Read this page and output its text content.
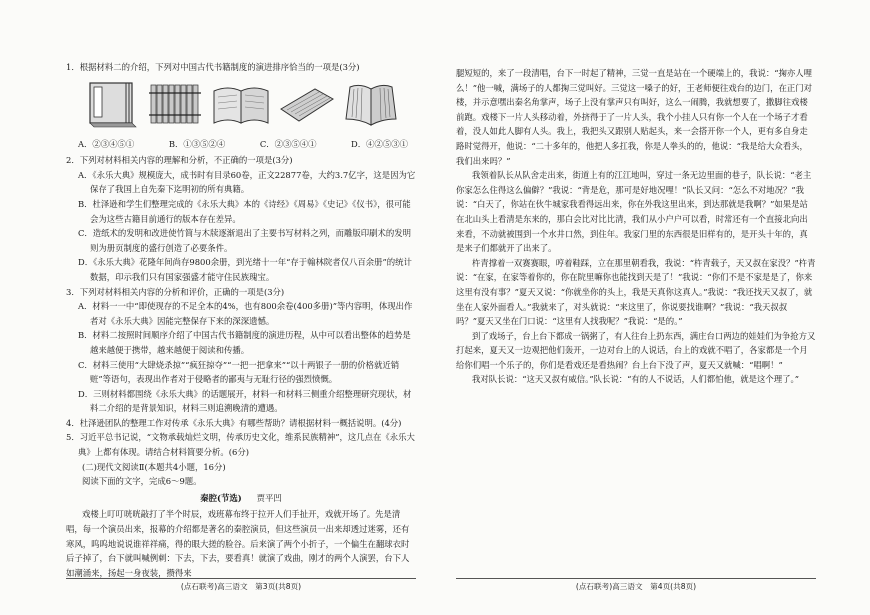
1．根据材料二的介绍，下列对中国古代书籍制度的演进排序恰当的一项是(3分)

A．②③④⑤①	B．①③⑤②④	C．②③⑤④①	D．④②⑤③①

2．下列对材料相关内容的理解和分析，不正确的一项是(3分)

A．《永乐大典》规模庞大，成书时有目录60卷，正文22877卷，大约3.7亿字，这是因为它保存了我国上自先秦下迄明初的所有典籍。

B．杜泽逊和学生们整理完成的《永乐大典》本的《诗经》《周易》《史记》《仪书》，很可能会为这些古籍目前通行的版本存在差异。

C．造纸术的发明和改进使竹简与木牍逐渐退出了主要书写材料之列，而雕版印刷术的发明则为册页制度的盛行创造了必要条件。

D．《永乐大典》花隆年间尚存9800余册，到光绪十一年“存于翰林院者仅八百余册”的统计数据，印示我们只有国家强盛才能守住民族瑰宝。

3．下列对材料相关内容的分析和评价，正确的一项是(3分)

A．材料一一中“即使现存的不足全本的4%，也有800余卷(400多册)”等内容明，体现出作者对《永乐大典》因能完整保存下来的深深遗憾。

B．材料二按照时间顺序介绍了中国古代书籍制度的演进历程，从中可以看出整体的趋势是越来越便于携带，越来越便于阅读和传播。

C．材料三使用“大肆烧杀掠”“疯狂掠夺”“一把一把拿来”“以十两银子一册的价格就近销赃”等语句，表现出作者对于侵略者的鄙夷与无耻行径的强烈愤慨。

D．三则材料都围绕《永乐大典》的话题展开，材料一和材料三侧重介绍整理研究现状，材料二介绍的是背景知识，材料三则追溯晚清的遭遇。

4．杜泽逊团队的整理工作对传承《永乐大典》有哪些帮助？请根据材料一概括说明。(4分)

5．习近平总书记说，“文物承载灿烂文明，传承历史文化，维系民族精神”，这几点在《永乐大典》上都有体现。请结合材料简要分析。(6分)

(二)现代文阅读Ⅱ(本题共4小题，16分)

阅读下面的文字，完成6～9题。

秦腔(节选) 贾平凹

戏楼上叮叮咣咣敲打了半个时辰，戏班幕布终于拉开人们手扯开，戏就开场了。先是清唱，每一个演员出来，报幕的介绍都是著名的秦腔演员，但这些演员一出来却透过迷雾，还有寒风，呜呜地说说谁祥祥痛，得的眼大搓的脸谷。后来演了两个小折子，一个偏生在翻球衣时后子掉了，台下就叫喊例刺：下去，下去，要看真！就演了戏曲，刚才的两个人演罢，台下人如潮涌来，扬起一身夜装，攒得来

腿短短的，来了一段清唱，台下一时起了精神，三觉一直是站在一个硬端上的，我说：“掬亦人哩么！”他一喊，满场子的人都掬三觉叫好。三觉这一嗓子的好，王老师便往戏台的边门，在正门对楼，并示意嘿出秦名角掌声，场子上没有掌声只有叫好，这么一闹腾，我就想要了，撒脚往戏楼前跑。戏楼下一片人头移动着，外挤得于了一片人头，我个小挂人只有你一个人在一个场子才看着，没人如此人脚有人头。我上，我把头又跟别人贴起头，来一会搭开你一个人，更有多自身走路时觉得开，他说：“二十多年的，他把人多扛我，你是人拳头的的，他说：“我是给大众看头，我们出来吗？”

我领着队长从队舍走出来，街道上有的江江地叫，穿过一条无边里面的巷子，队长说：“老主你家怎么住得这么偏僻？”我说：“背是危，那可是好地况哩！”队长又问：“怎么不对地况？”我说：“白天了，你站在伙牛城家我看得远出来，你在外我这里出来，到达那就是我啊？”如果是站在北山头上看清是东来的，那白会比对比比清，我们从小户户可以看，时常还有一个直接北向出来看，不动就被围到一个水井口然，到住年。我家门里的东西很是旧样有的，是开头十年的，真是来子们都就开了出来了。

杵青撑着一双赛赛眼，哼着鞋踩，立在那里朝看我，我说：“杵青载子，天又叔在家没？”杵青说：“在家，在家等着你的，你在院里嘛你也能找到天是了！”我说：“你们不是不家是是了，你来这里有没有事？”夏天又说：“你就坐你的头上，我是天真你这真人。”我说：“我还找天又叔了，就坐在人家外面看人。”我就来了，对头就说：“来这里了，你说要找谁啊？”我说：“我天叔叔吗？”夏天又坐在门口说：“这里有人找我呢？”我说：“是的。”

到了戏场子，台上台下都成一锅粥了，有人往台上扔东西，满庄台口两边的娃娃们为争抢方又打起来，夏天又一边观把他们轰开，一边对台上的人说话，台上的戏就不唱了，各家都是一个月给你们唱一个乐子的，你们是看戏还是看热闹？台上台下没了声，夏天又就喊：“唱啊！”

我对队长说：“这天又叔有威信。”队长说：“有的人不说话，人们都怕他，就是这个理了。”

(点石联考)高三语文　第3页(共8页)	(点石联考)高三语文　第4页(共8页)
